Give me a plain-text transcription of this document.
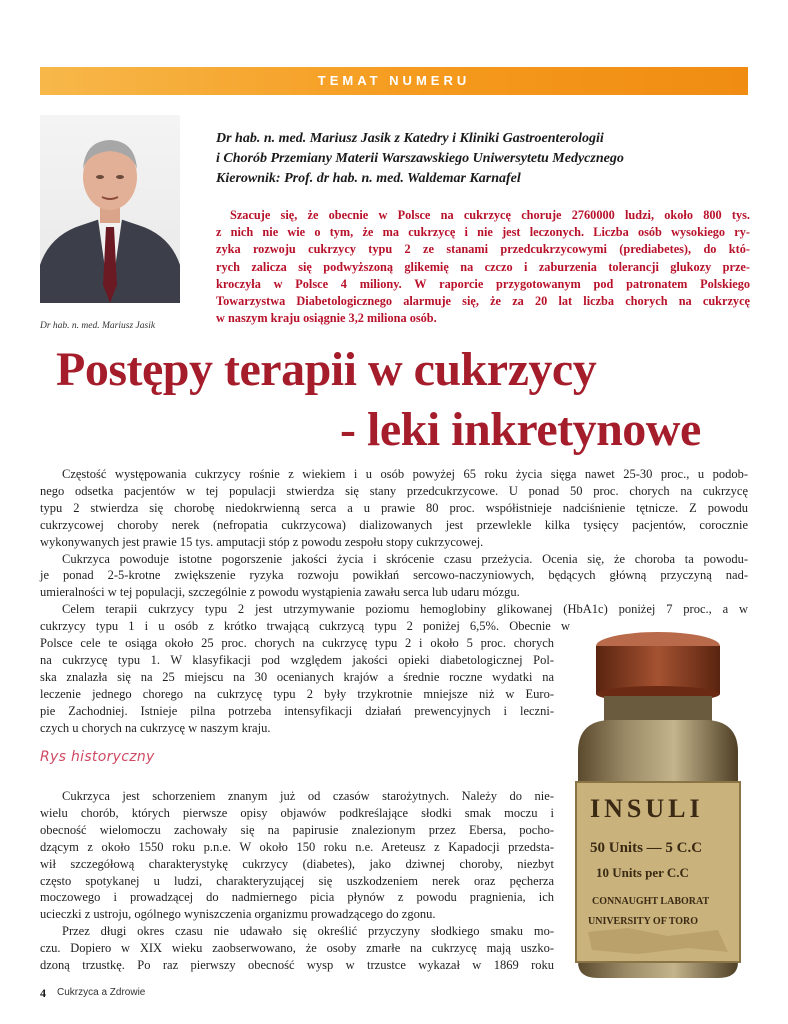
TEMAT NUMERU
Dr hab. n. med. Mariusz Jasik
Dr hab. n. med. Mariusz Jasik z Katedry i Kliniki Gastroenterologii
i Chorób Przemiany Materii Warszawskiego Uniwersytetu Medycznego
Kierownik: Prof. dr hab. n. med. Waldemar Karnafel
Szacuje się, że obecnie w Polsce na cukrzycę choruje 2760000 ludzi, około 800 tys.
z nich nie wie o tym, że ma cukrzycę i nie jest leczonych. Liczba osób wysokiego ry-
zyka rozwoju cukrzycy typu 2 ze stanami przedcukrzycowymi (prediabetes), do któ-
rych zalicza się podwyższoną glikemię na czczo i zaburzenia tolerancji glukozy prze-
kroczyła w Polsce 4 miliony. W raporcie przygotowanym pod patronatem Polskiego
Towarzystwa Diabetologicznego alarmuje się, że za 20 lat liczba chorych na cukrzycę
w naszym kraju osiągnie 3,2 miliona osób.
Postępy terapii w cukrzycy
- leki inkretynowe
Częstość występowania cukrzycy rośnie z wiekiem i u osób powyżej 65 roku życia sięga nawet 25-30 proc., u podob-
nego odsetka pacjentów w tej populacji stwierdza się stany przedcukrzycowe. U ponad 50 proc. chorych na cukrzycę
typu 2 stwierdza się chorobę niedokrwienną serca a u prawie 80 proc. współistnieje nadciśnienie tętnicze. Z powodu
cukrzycowej choroby nerek (nefropatia cukrzycowa) dializowanych jest przewlekle kilka tysięcy pacjentów, corocznie
wykonywanych jest prawie 15 tys. amputacji stóp z powodu zespołu stopy cukrzycowej.
Cukrzyca powoduje istotne pogorszenie jakości życia i skrócenie czasu przeżycia. Ocenia się, że choroba ta powodu-
je ponad 2-5-krotne zwiększenie ryzyka rozwoju powikłań sercowo-naczyniowych, będących główną przyczyną nad-
umieralności w tej populacji, szczególnie z powodu wystąpienia zawału serca lub udaru mózgu.
Celem terapii cukrzycy typu 2 jest utrzymywanie poziomu hemoglobiny glikowanej (HbA1c) poniżej 7 proc., a w
cukrzycy typu 1 i u osób z krótko trwającą cukrzycą typu 2 poniżej 6,5%. Obecnie w
Polsce cele te osiąga około 25 proc. chorych na cukrzycę typu 2 i około 5 proc. chorych
na cukrzycę typu 1. W klasyfikacji pod względem jakości opieki diabetologicznej Pol-
ska znalazła się na 25 miejscu na 30 ocenianych krajów a średnie roczne wydatki na
leczenie jednego chorego na cukrzycę typu 2 były trzykrotnie mniejsze niż w Euro-
pie Zachodniej. Istnieje pilna potrzeba intensyfikacji działań prewencyjnych i leczni-
czych u chorych na cukrzycę w naszym kraju.
Rys historyczny
Cukrzyca jest schorzeniem znanym już od czasów starożytnych. Należy do nie-
wielu chorób, których pierwsze opisy objawów podkreślające słodki smak moczu i
obecność wielomoczu zachowały się na papirusie znalezionym przez Ebersa, pocho-
dzącym z około 1550 roku p.n.e. W około 150 roku n.e. Areteusz z Kapadocji przedsta-
wił szczegółową charakterystykę cukrzycy (diabetes), jako dziwnej choroby, niezbyt
często spotykanej u ludzi, charakteryzującej się uszkodzeniem nerek oraz pęcherza
moczowego i prowadzącej do nadmiernego picia płynów z powodu pragnienia, ich
ucieczki z ustroju, ogólnego wyniszczenia organizmu prowadzącego do zgonu.
Przez długi okres czasu nie udawało się określić przyczyny słodkiego smaku mo-
czu. Dopiero w XIX wieku zaobserwowano, że osoby zmarłe na cukrzycę mają uszko-
dzoną trzustkę. Po raz pierwszy obecność wysp w trzustce wykazał w 1869 roku
INSULI
50 Units — 5 C.C
10 Units per C.C
CONNAUGHT LABORAT
UNIVERSITY OF TORO
4 Cukrzyca a Zdrowie
